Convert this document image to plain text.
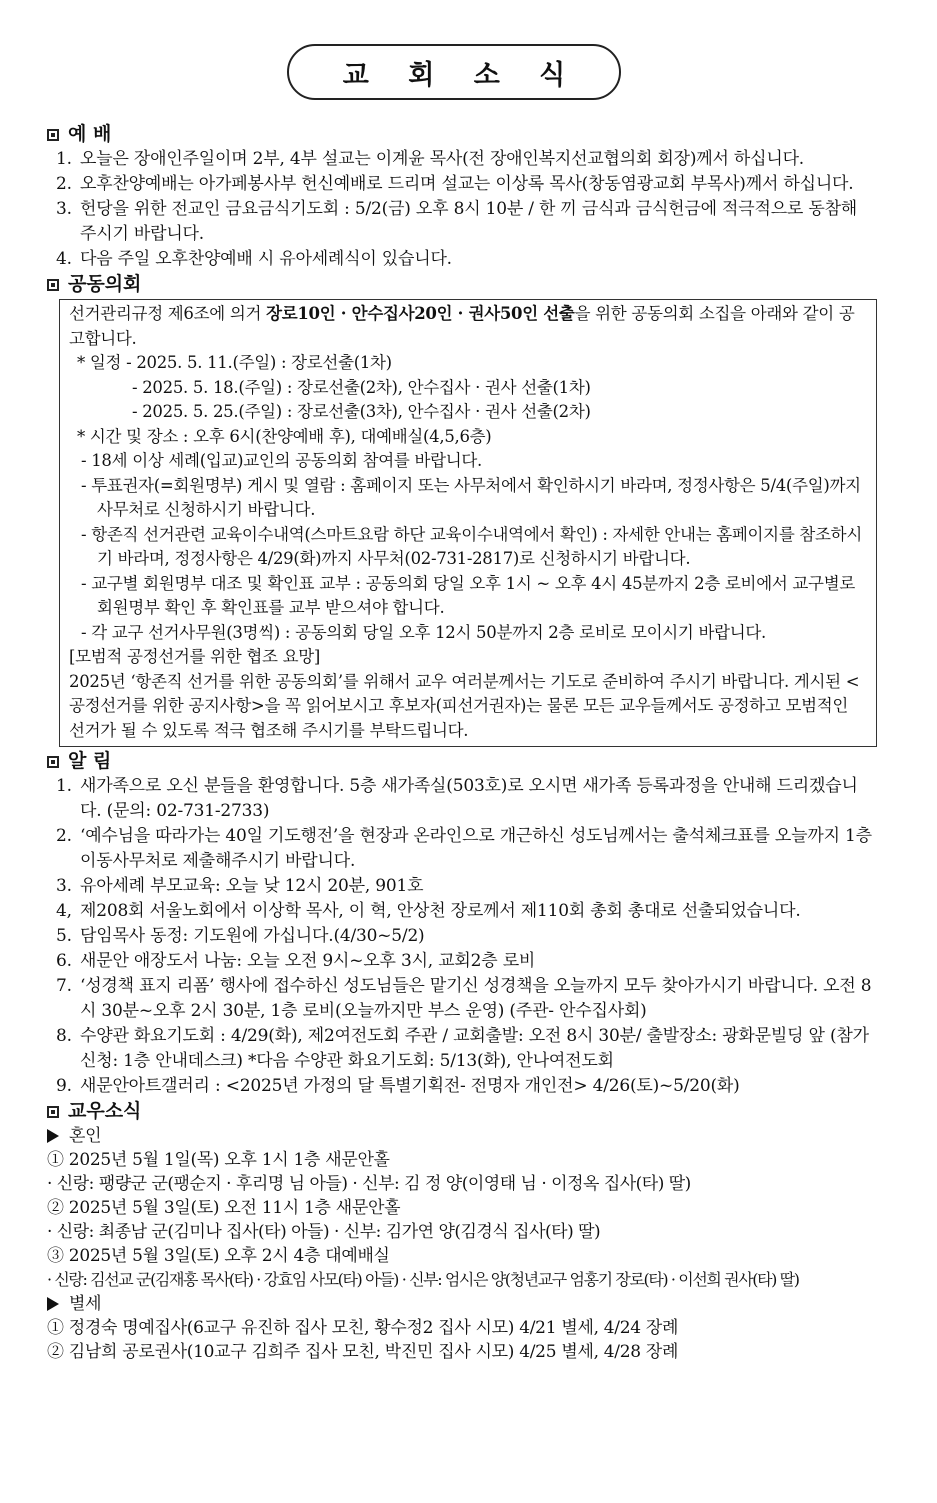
교 회 소 식
예 배
1. 오늘은 장애인주일이며 2부, 4부 설교는 이계윤 목사(전 장애인복지선교협의회 회장)께서 하십니다.
2. 오후찬양예배는 아가페봉사부 헌신예배로 드리며 설교는 이상록 목사(창동염광교회 부목사)께서 하십니다.
3. 헌당을 위한 전교인 금요금식기도회 : 5/2(금) 오후 8시 10분 / 한 끼 금식과 금식헌금에 적극적으로 동참해 주시기 바랍니다.
4. 다음 주일 오후찬양예배 시 유아세례식이 있습니다.
공동의회
선거관리규정 제6조에 의거 장로10인 · 안수집사20인 · 권사50인 선출을 위한 공동의회 소집을 아래와 같이 공고합니다.
* 일정 - 2025. 5. 11.(주일) : 장로선출(1차)
- 2025. 5. 18.(주일) : 장로선출(2차), 안수집사 · 권사 선출(1차)
- 2025. 5. 25.(주일) : 장로선출(3차), 안수집사 · 권사 선출(2차)
* 시간 및 장소 : 오후 6시(찬양예배 후), 대예배실(4,5,6층)
- 18세 이상 세례(입교)교인의 공동의회 참여를 바랍니다.
- 투표권자(=회원명부) 게시 및 열람 : 홈페이지 또는 사무처에서 확인하시기 바라며, 정정사항은 5/4(주일)까지 사무처로 신청하시기 바랍니다.
- 항존직 선거관련 교육이수내역(스마트요람 하단 교육이수내역에서 확인) : 자세한 안내는 홈페이지를 참조하시기 바라며, 정정사항은 4/29(화)까지 사무처(02-731-2817)로 신청하시기 바랍니다.
- 교구별 회원명부 대조 및 확인표 교부 : 공동의회 당일 오후 1시 ~ 오후 4시 45분까지 2층 로비에서 교구별로 회원명부 확인 후 확인표를 교부 받으셔야 합니다.
- 각 교구 선거사무원(3명씩) : 공동의회 당일 오후 12시 50분까지 2층 로비로 모이시기 바랍니다.
[모범적 공정선거를 위한 협조 요망]
2025년 ‘항존직 선거를 위한 공동의회’를 위해서 교우 여러분께서는 기도로 준비하여 주시기 바랍니다. 게시된 <공정선거를 위한 공지사항>을 꼭 읽어보시고 후보자(피선거권자)는 물론 모든 교우들께서도 공정하고 모범적인 선거가 될 수 있도록 적극 협조해 주시기를 부탁드립니다.
알 림
1. 새가족으로 오신 분들을 환영합니다. 5층 새가족실(503호)로 오시면 새가족 등록과정을 안내해 드리겠습니다. (문의: 02-731-2733)
2. ‘예수님을 따라가는 40일 기도행전’을 현장과 온라인으로 개근하신 성도님께서는 출석체크표를 오늘까지 1층 이동사무처로 제출해주시기 바랍니다.
3. 유아세례 부모교육: 오늘 낮 12시 20분, 901호
4, 제208회 서울노회에서 이상학 목사, 이 혁, 안상천 장로께서 제110회 총회 총대로 선출되었습니다.
5. 담임목사 동정: 기도원에 가십니다.(4/30~5/2)
6. 새문안 애장도서 나눔: 오늘 오전 9시~오후 3시, 교회2층 로비
7. ‘성경책 표지 리폼’ 행사에 접수하신 성도님들은 맡기신 성경책을 오늘까지 모두 찾아가시기 바랍니다. 오전 8시 30분~오후 2시 30분, 1층 로비(오늘까지만 부스 운영) (주관- 안수집사회)
8. 수양관 화요기도회 : 4/29(화), 제2여전도회 주관 / 교회출발: 오전 8시 30분/ 출발장소: 광화문빌딩 앞 (참가신청: 1층 안내데스크) *다음 수양관 화요기도회: 5/13(화), 안나여전도회
9. 새문안아트갤러리 : <2025년 가정의 달 특별기획전- 전명자 개인전> 4/26(토)~5/20(화)
교우소식
혼인
① 2025년 5월 1일(목) 오후 1시 1층 새문안홀
· 신랑: 팽량군 군(팽순지 · 후리명 님 아들) · 신부: 김 정 양(이영태 님 · 이정옥 집사(타) 딸)
② 2025년 5월 3일(토) 오전 11시 1층 새문안홀
· 신랑: 최종남 군(김미나 집사(타) 아들) · 신부: 김가연 양(김경식 집사(타) 딸)
③ 2025년 5월 3일(토) 오후 2시 4층 대예배실
· 신랑: 김선교 군(김재홍 목사(타) · 강효임 사모(타) 아들) · 신부: 엄시은 양(청년교구 엄홍기 장로(타) · 이선희 권사(타) 딸)
별세
① 정경숙 명예집사(6교구 유진하 집사 모친, 황수정2 집사 시모) 4/21 별세, 4/24 장례
② 김남희 공로권사(10교구 김희주 집사 모친, 박진민 집사 시모) 4/25 별세, 4/28 장례
